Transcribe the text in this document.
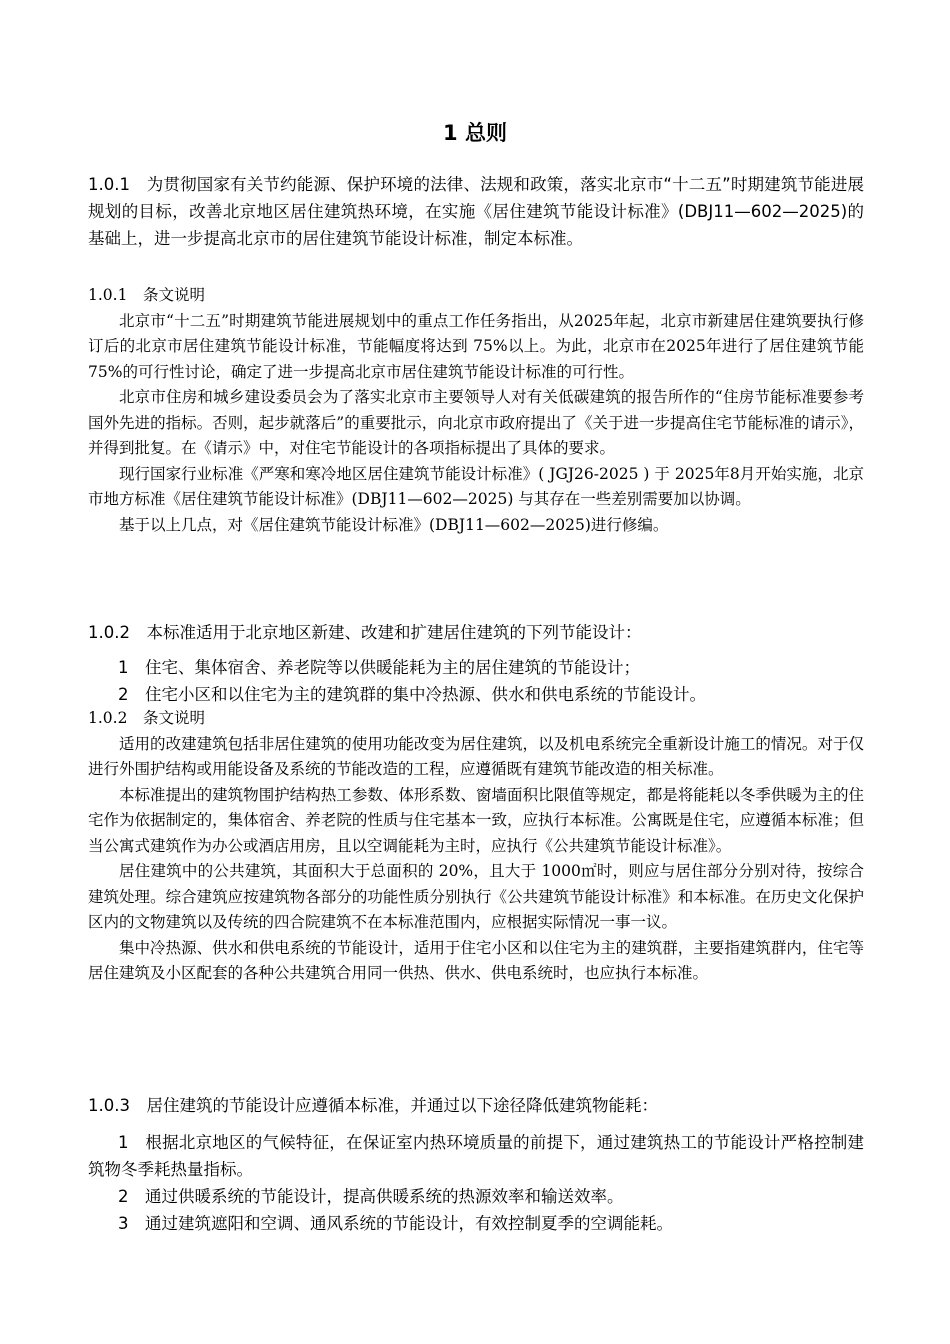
1 总则

1.0.1　为贯彻国家有关节约能源、保护环境的法律、法规和政策，落实北京市“十二五”时期建筑节能进展规划的目标，改善北京地区居住建筑热环境，在实施《居住建筑节能设计标准》(DBJ11—602—2025)的基础上，进一步提高北京市的居住建筑节能设计标准，制定本标准。

1.0.1　条文说明

北京市“十二五”时期建筑节能进展规划中的重点工作任务指出，从2025年起，北京市新建居住建筑要执行修订后的北京市居住建筑节能设计标准，节能幅度将达到 75%以上。为此，北京市在2025年进行了居住建筑节能75%的可行性讨论，确定了进一步提高北京市居住建筑节能设计标准的可行性。

北京市住房和城乡建设委员会为了落实北京市主要领导人对有关低碳建筑的报告所作的“住房节能标准要参考国外先进的指标。否则，起步就落后”的重要批示，向北京市政府提出了《关于进一步提高住宅节能标准的请示》，并得到批复。在《请示》中，对住宅节能设计的各项指标提出了具体的要求。

现行国家行业标准《严寒和寒冷地区居住建筑节能设计标准》( JGJ26-2025 ) 于 2025年8月开始实施，北京市地方标准《居住建筑节能设计标准》(DBJ11—602—2025) 与其存在一些差别需要加以协调。

基于以上几点，对《居住建筑节能设计标准》(DBJ11—602—2025)进行修编。

1.0.2　本标准适用于北京地区新建、改建和扩建居住建筑的下列节能设计：

1　住宅、集体宿舍、养老院等以供暖能耗为主的居住建筑的节能设计；

2　住宅小区和以住宅为主的建筑群的集中冷热源、供水和供电系统的节能设计。

1.0.2　条文说明

适用的改建建筑包括非居住建筑的使用功能改变为居住建筑，以及机电系统完全重新设计施工的情况。对于仅进行外围护结构或用能设备及系统的节能改造的工程，应遵循既有建筑节能改造的相关标准。

本标准提出的建筑物围护结构热工参数、体形系数、窗墙面积比限值等规定，都是将能耗以冬季供暖为主的住宅作为依据制定的，集体宿舍、养老院的性质与住宅基本一致，应执行本标准。公寓既是住宅，应遵循本标准；但当公寓式建筑作为办公或酒店用房，且以空调能耗为主时，应执行《公共建筑节能设计标准》。

居住建筑中的公共建筑，其面积大于总面积的 20%，且大于 1000㎡时，则应与居住部分分别对待，按综合建筑处理。综合建筑应按建筑物各部分的功能性质分别执行《公共建筑节能设计标准》和本标准。在历史文化保护区内的文物建筑以及传统的四合院建筑不在本标准范围内，应根据实际情况一事一议。

集中冷热源、供水和供电系统的节能设计，适用于住宅小区和以住宅为主的建筑群，主要指建筑群内，住宅等居住建筑及小区配套的各种公共建筑合用同一供热、供水、供电系统时，也应执行本标准。

1.0.3　居住建筑的节能设计应遵循本标准，并通过以下途径降低建筑物能耗：

1　根据北京地区的气候特征，在保证室内热环境质量的前提下，通过建筑热工的节能设计严格控制建筑物冬季耗热量指标。

2　通过供暖系统的节能设计，提高供暖系统的热源效率和输送效率。

3　通过建筑遮阳和空调、通风系统的节能设计，有效控制夏季的空调能耗。
